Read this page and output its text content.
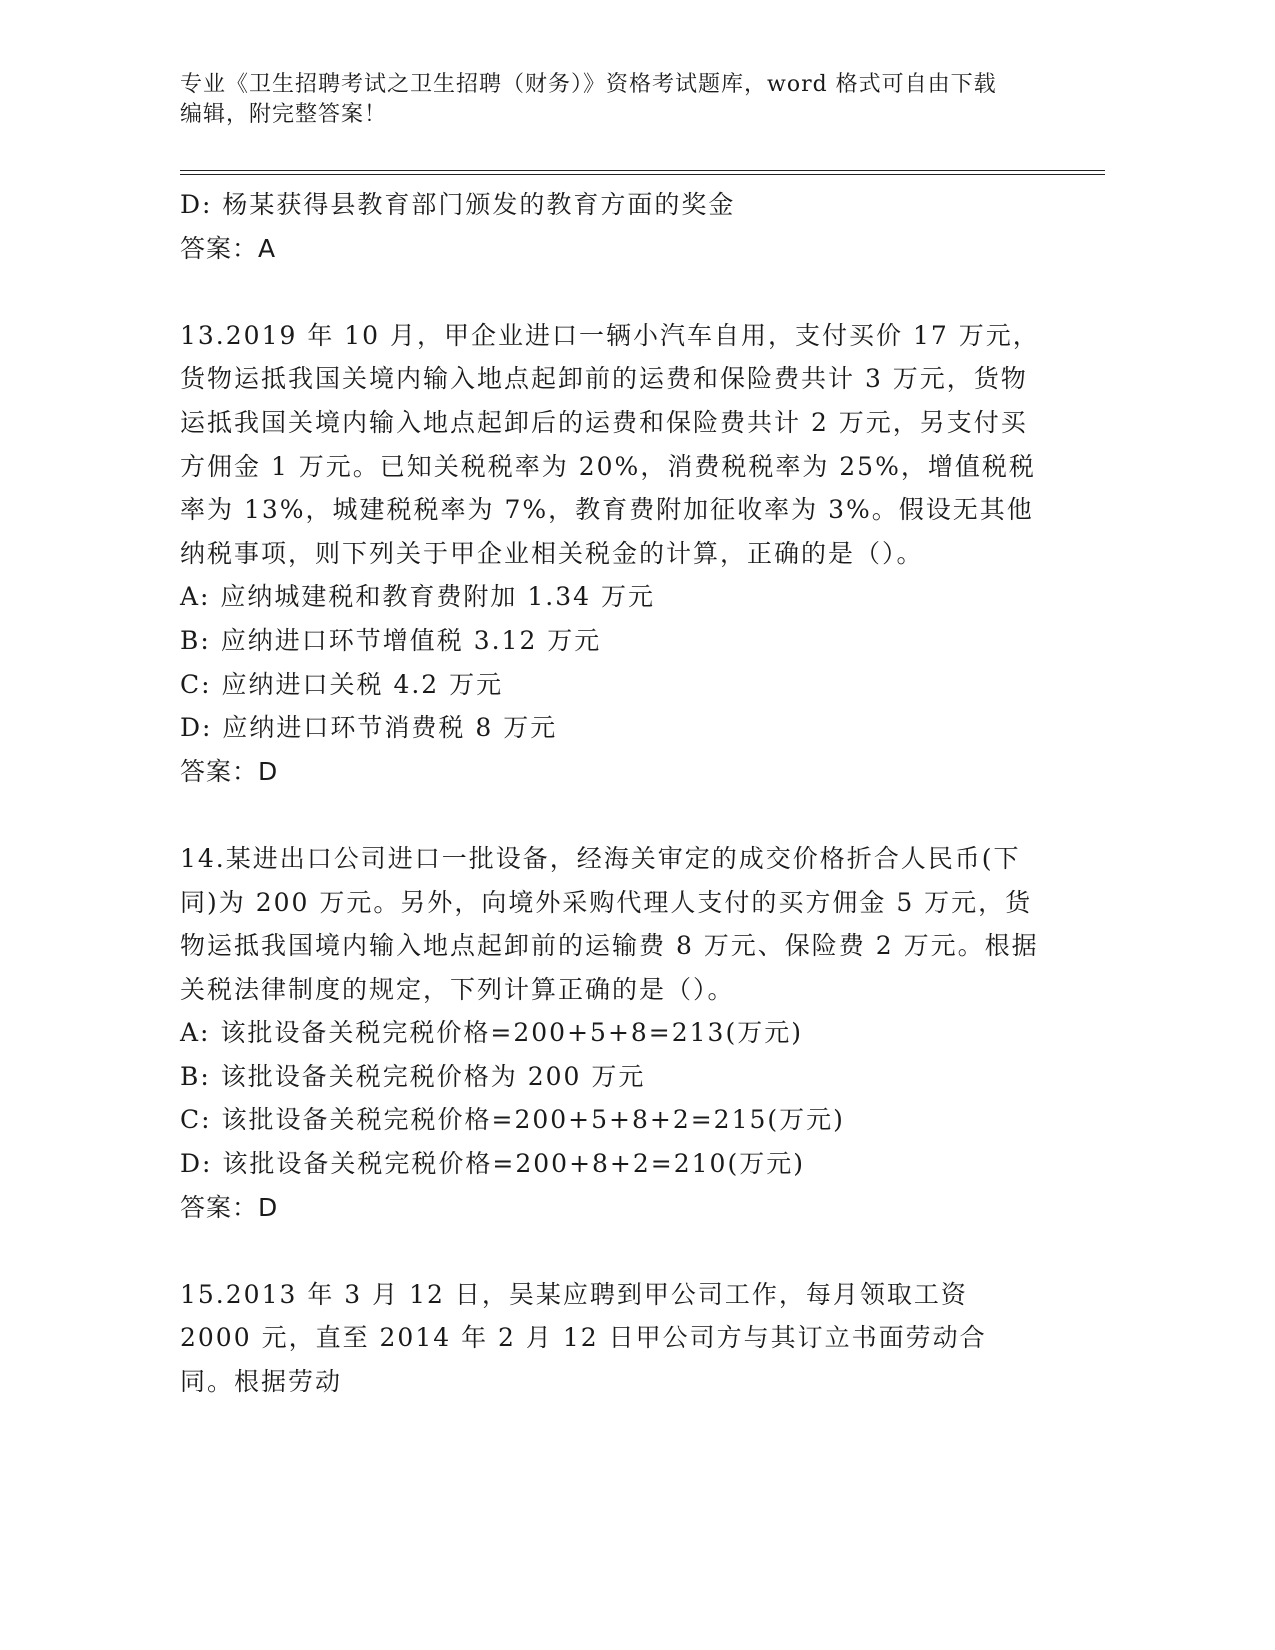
专业《卫生招聘考试之卫生招聘（财务）》资格考试题库，word 格式可自由下载
编辑，附完整答案！
D: 杨某获得县教育部门颁发的教育方面的奖金
答案：A
13.2019 年 10 月，甲企业进口一辆小汽车自用，支付买价 17 万元，货物运抵我国关境内输入地点起卸前的运费和保险费共计 3 万元，货物运抵我国关境内输入地点起卸后的运费和保险费共计 2 万元，另支付买方佣金 1 万元。已知关税税率为 20%，消费税税率为 25%，增值税税率为 13%，城建税税率为 7%，教育费附加征收率为 3%。假设无其他纳税事项，则下列关于甲企业相关税金的计算，正确的是（）。
A: 应纳城建税和教育费附加 1.34 万元
B: 应纳进口环节增值税 3.12 万元
C: 应纳进口关税 4.2 万元
D: 应纳进口环节消费税 8 万元
答案：D
14.某进出口公司进口一批设备，经海关审定的成交价格折合人民币(下同)为 200 万元。另外，向境外采购代理人支付的买方佣金 5 万元，货物运抵我国境内输入地点起卸前的运输费 8 万元、保险费 2 万元。根据关税法律制度的规定，下列计算正确的是（）。
A: 该批设备关税完税价格=200+5+8=213(万元)
B: 该批设备关税完税价格为 200 万元
C: 该批设备关税完税价格=200+5+8+2=215(万元)
D: 该批设备关税完税价格=200+8+2=210(万元)
答案：D
15.2013 年 3 月 12 日，吴某应聘到甲公司工作，每月领取工资 2000 元，直至 2014 年 2 月 12 日甲公司方与其订立书面劳动合同。根据劳动
